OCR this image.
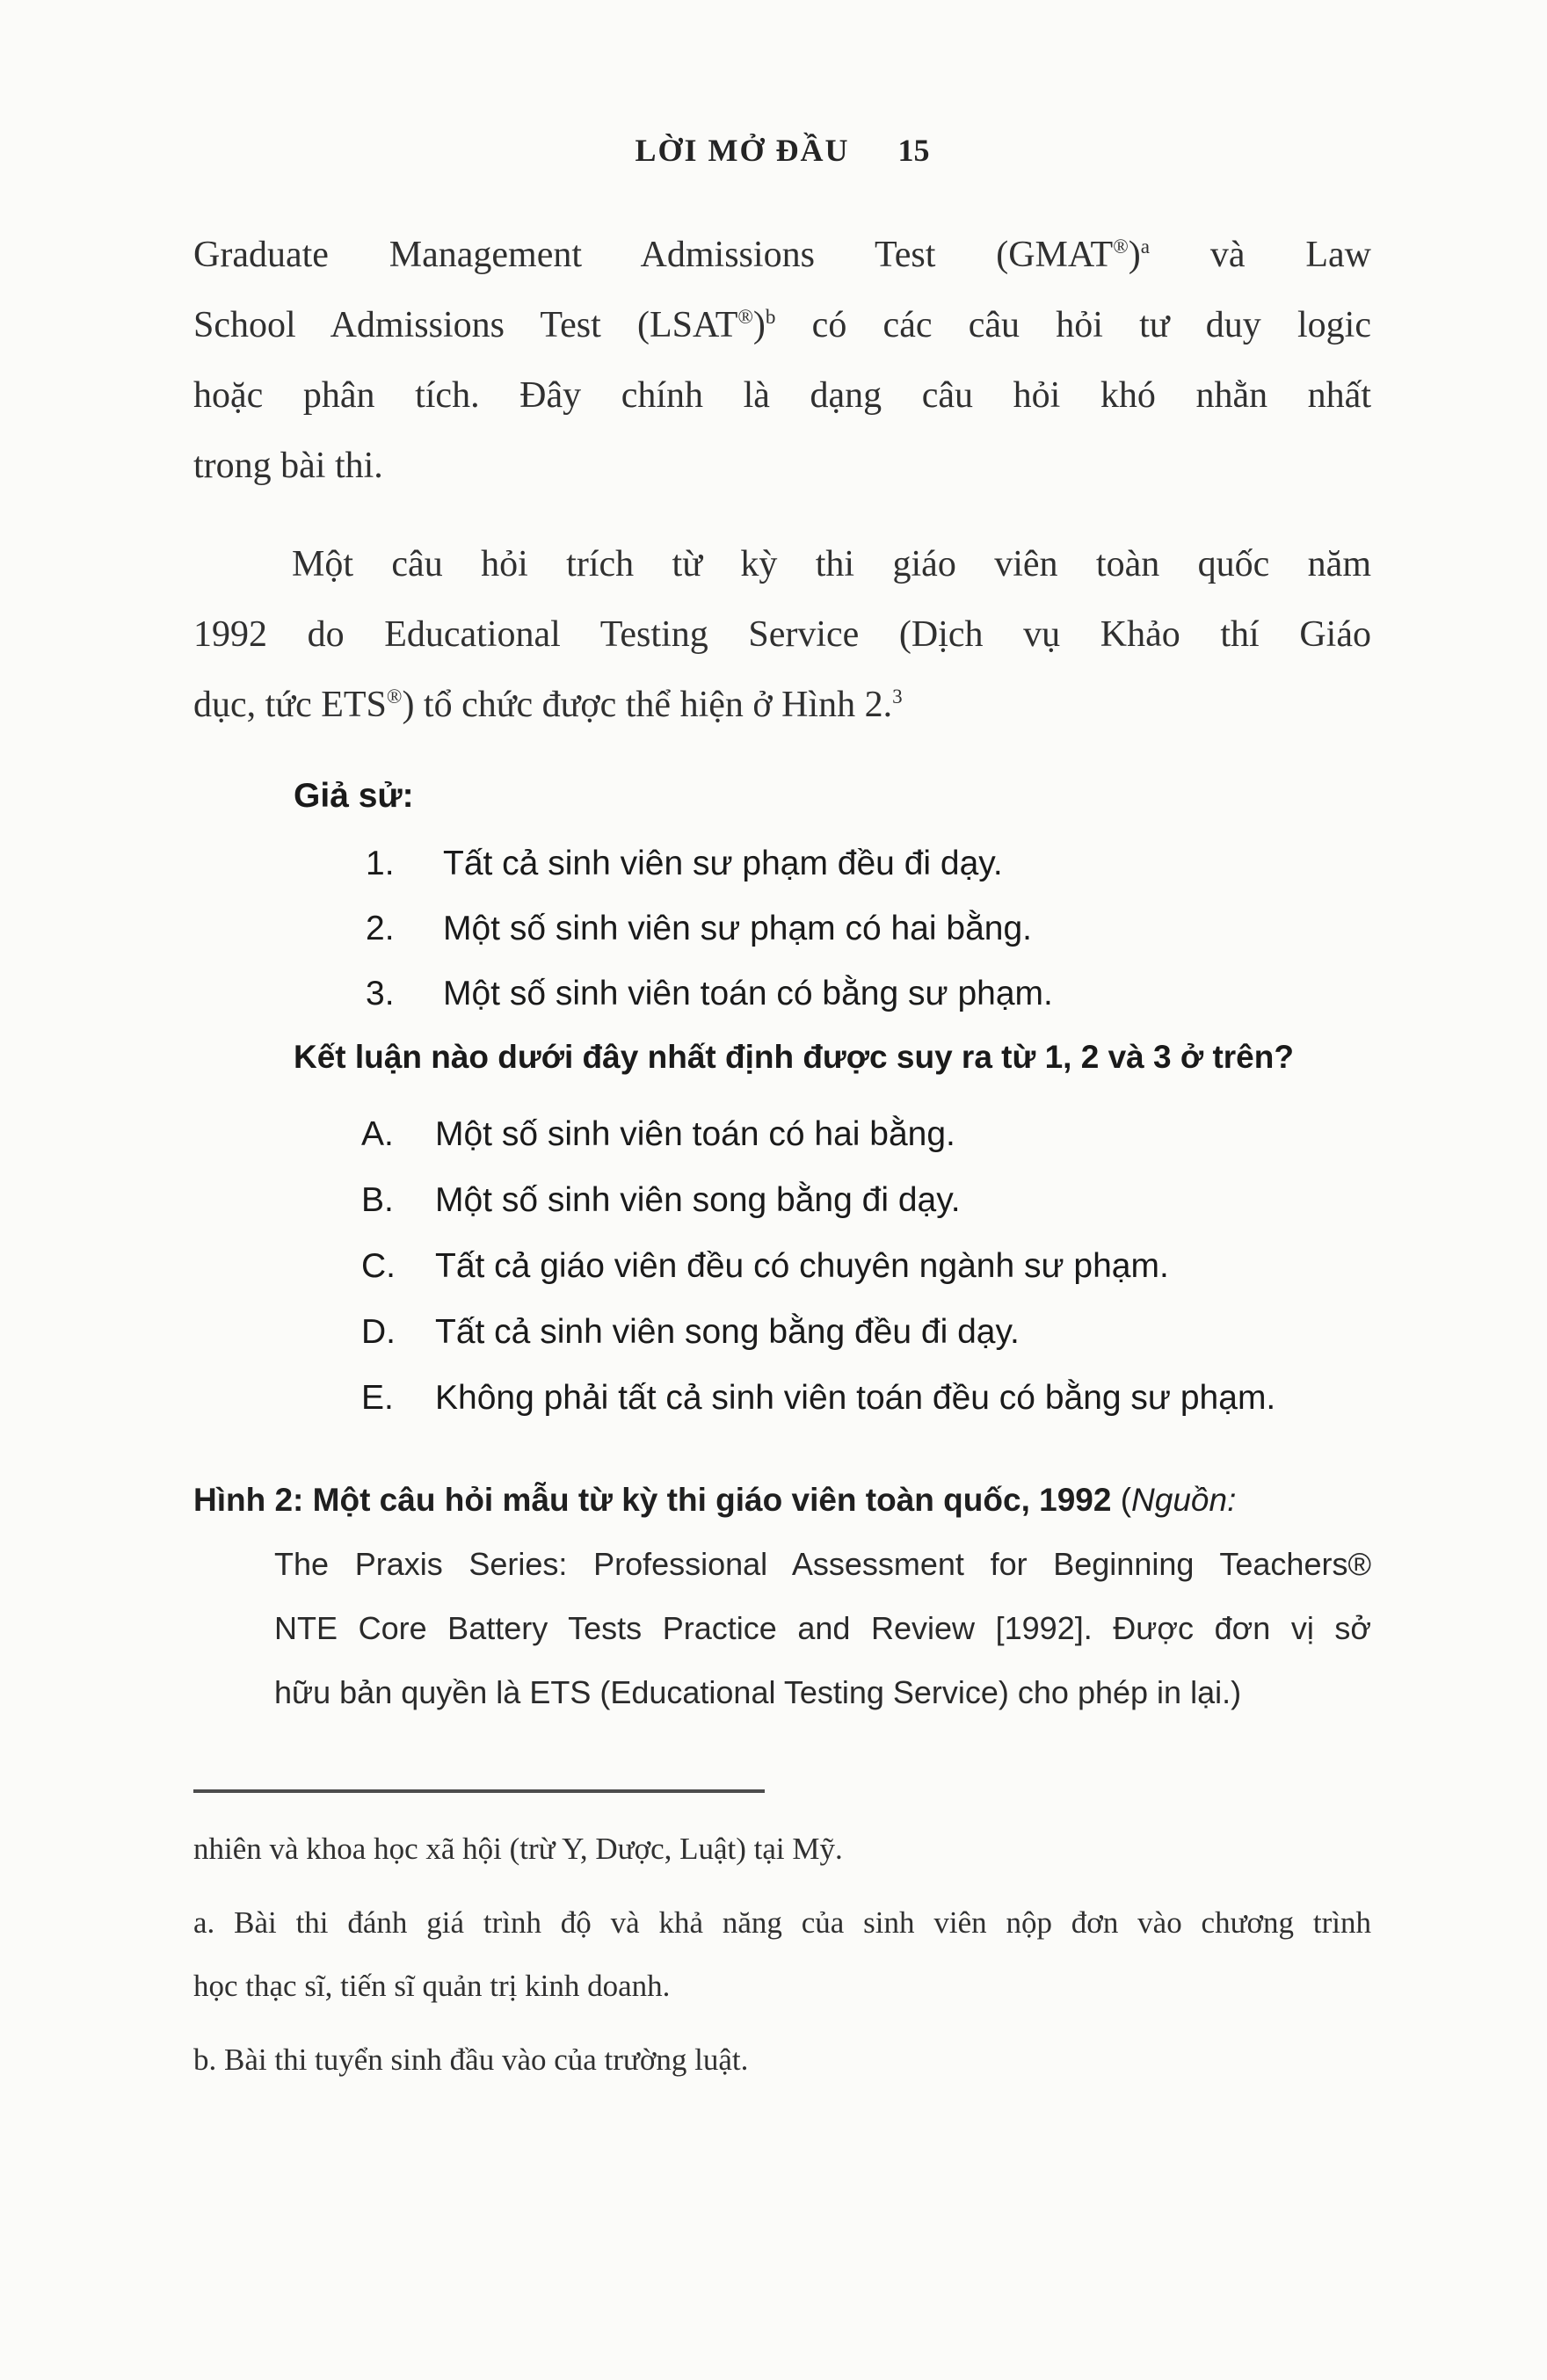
LỜI MỞ ĐẦU 15
Graduate Management Admissions Test (GMAT®)$^a$ và Law
School Admissions Test (LSAT®)$^b$ có các câu hỏi tư duy logic
hoặc phân tích. Đây chính là dạng câu hỏi khó nhằn nhất
trong bài thi.
Một câu hỏi trích từ kỳ thi giáo viên toàn quốc năm
1992 do Educational Testing Service (Dịch vụ Khảo thí Giáo
dục, tức ETS®) tổ chức được thể hiện ở Hình 2.$^3$
Giả sử:
1.	Tất cả sinh viên sư phạm đều đi dạy.
2.	Một số sinh viên sư phạm có hai bằng.
3.	Một số sinh viên toán có bằng sư phạm.
Kết luận nào dưới đây nhất định được suy ra từ 1, 2 và 3 ở trên?
A.	Một số sinh viên toán có hai bằng.
B.	Một số sinh viên song bằng đi dạy.
C.	Tất cả giáo viên đều có chuyên ngành sư phạm.
D.	Tất cả sinh viên song bằng đều đi dạy.
E.	Không phải tất cả sinh viên toán đều có bằng sư phạm.
Hình 2: Một câu hỏi mẫu từ kỳ thi giáo viên toàn quốc, 1992 (Nguồn:
The Praxis Series: Professional Assessment for Beginning Teachers®
NTE Core Battery Tests Practice and Review [1992]. Được đơn vị sở
hữu bản quyền là ETS (Educational Testing Service) cho phép in lại.)
nhiên và khoa học xã hội (trừ Y, Dược, Luật) tại Mỹ.
a. Bài thi đánh giá trình độ và khả năng của sinh viên nộp đơn vào chương trình
học thạc sĩ, tiến sĩ quản trị kinh doanh.
b. Bài thi tuyển sinh đầu vào của trường luật.
